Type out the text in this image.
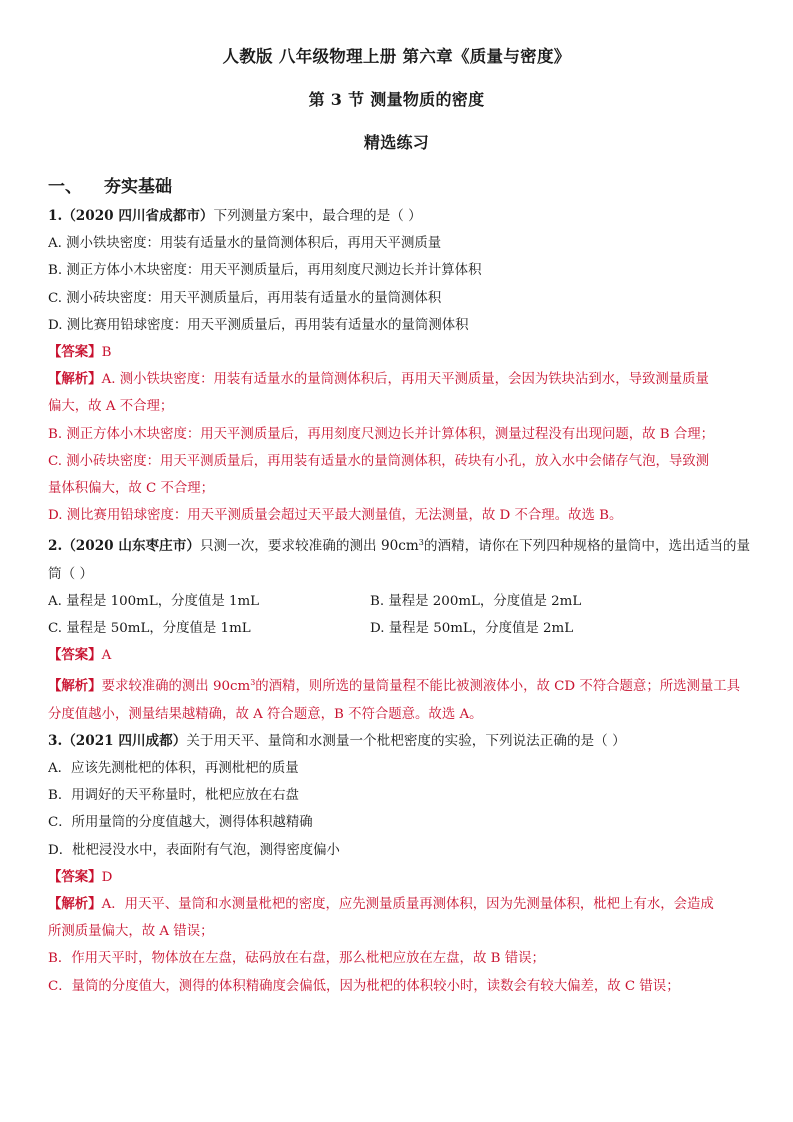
人教版 八年级物理上册 第六章《质量与密度》
第 3 节 测量物质的密度
精选练习
一、 夯实基础
1.（2020 四川省成都市）下列测量方案中，最合理的是（ ）
A. 测小铁块密度：用装有适量水的量筒测体积后，再用天平测质量
B. 测正方体小木块密度：用天平测质量后，再用刻度尺测边长并计算体积
C. 测小砖块密度：用天平测质量后，再用装有适量水的量筒测体积
D. 测比赛用铅球密度：用天平测质量后，再用装有适量水的量筒测体积
【答案】B
【解析】A. 测小铁块密度：用装有适量水的量筒测体积后，再用天平测质量，会因为铁块沾到水，导致测量质量
偏大，故 A 不合理；
B. 测正方体小木块密度：用天平测质量后，再用刻度尺测边长并计算体积，测量过程没有出现问题，故 B 合理；
C. 测小砖块密度：用天平测质量后，再用装有适量水的量筒测体积，砖块有小孔，放入水中会储存气泡，导致测
量体积偏大，故 C 不合理；
D. 测比赛用铅球密度：用天平测质量会超过天平最大测量值，无法测量，故 D 不合理。故选 B。
2.（2020 山东枣庄市）只测一次，要求较准确的测出 $90cm^3$的酒精，请你在下列四种规格的量筒中，选出适当的量
筒（ ）
A. 量程是 100mL，分度值是 1mL	B. 量程是 200mL，分度值是 2mL
C. 量程是 50mL，分度值是 1mL	D. 量程是 50mL，分度值是 2mL
【答案】A
【解析】要求较准确的测出 $90cm^3$的酒精，则所选的量筒量程不能比被测液体小，故 CD 不符合题意；所选测量工具
分度值越小，测量结果越精确，故 A 符合题意，B 不符合题意。故选 A。
3.（2021 四川成都）关于用天平、量筒和水测量一个枇杷密度的实验，下列说法正确的是（ ）
A．应该先测枇杷的体积，再测枇杷的质量
B．用调好的天平称量时，枇杷应放在右盘
C．所用量筒的分度值越大，测得体积越精确
D．枇杷浸没水中，表面附有气泡，测得密度偏小
【答案】D
【解析】A．用天平、量筒和水测量枇杷的密度，应先测量质量再测体积，因为先测量体积，枇杷上有水，会造成
所测质量偏大，故 A 错误；
B．作用天平时，物体放在左盘，砝码放在右盘，那么枇杷应放在左盘，故 B 错误；
C．量筒的分度值大，测得的体积精确度会偏低，因为枇杷的体积较小时，读数会有较大偏差，故 C 错误；
